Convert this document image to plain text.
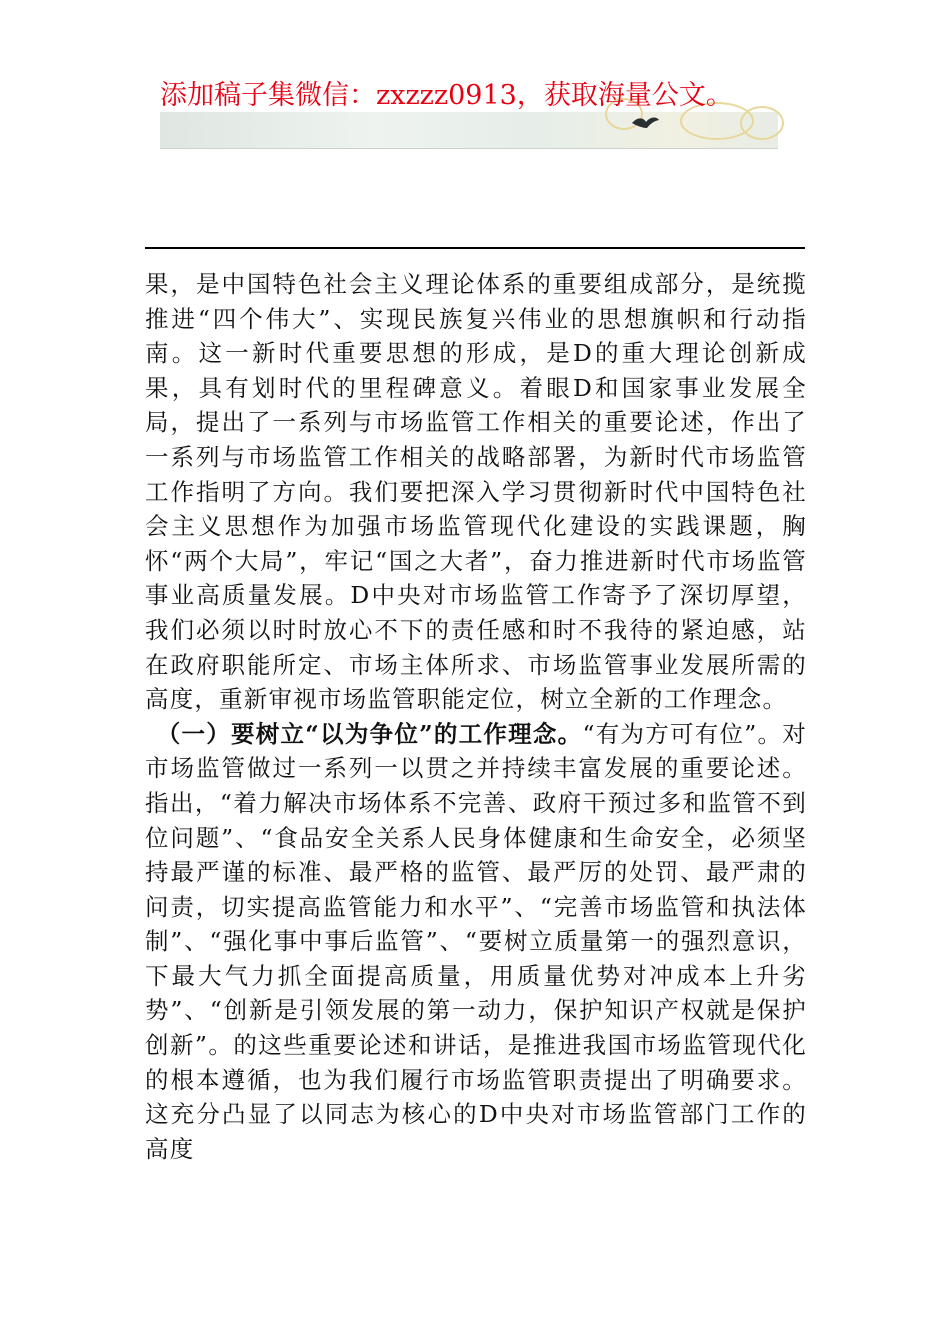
添加稿子集微信：zxzzz0913，获取海量公文。

果，是中国特色社会主义理论体系的重要组成部分，是统揽推进“四个伟大”、实现民族复兴伟业的思想旗帜和行动指南。这一新时代重要思想的形成，是D的重大理论创新成果，具有划时代的里程碑意义。着眼D和国家事业发展全局，提出了一系列与市场监管工作相关的重要论述，作出了一系列与市场监管工作相关的战略部署，为新时代市场监管工作指明了方向。我们要把深入学习贯彻新时代中国特色社会主义思想作为加强市场监管现代化建设的实践课题，胸怀“两个大局”，牢记“国之大者”，奋力推进新时代市场监管事业高质量发展。D中央对市场监管工作寄予了深切厚望，我们必须以时时放心不下的责任感和时不我待的紧迫感，站在政府职能所定、市场主体所求、市场监管事业发展所需的高度，重新审视市场监管职能定位，树立全新的工作理念。

（一）要树立“以为争位”的工作理念。“有为方可有位”。对市场监管做过一系列一以贯之并持续丰富发展的重要论述。指出，“着力解决市场体系不完善、政府干预过多和监管不到位问题”、“食品安全关系人民身体健康和生命安全，必须坚持最严谨的标准、最严格的监管、最严厉的处罚、最严肃的问责，切实提高监管能力和水平”、“完善市场监管和执法体制”、“强化事中事后监管”、“要树立质量第一的强烈意识，下最大气力抓全面提高质量，用质量优势对冲成本上升劣势”、“创新是引领发展的第一动力，保护知识产权就是保护创新”。的这些重要论述和讲话，是推进我国市场监管现代化的根本遵循，也为我们履行市场监管职责提出了明确要求。这充分凸显了以同志为核心的D中央对市场监管部门工作的高度
